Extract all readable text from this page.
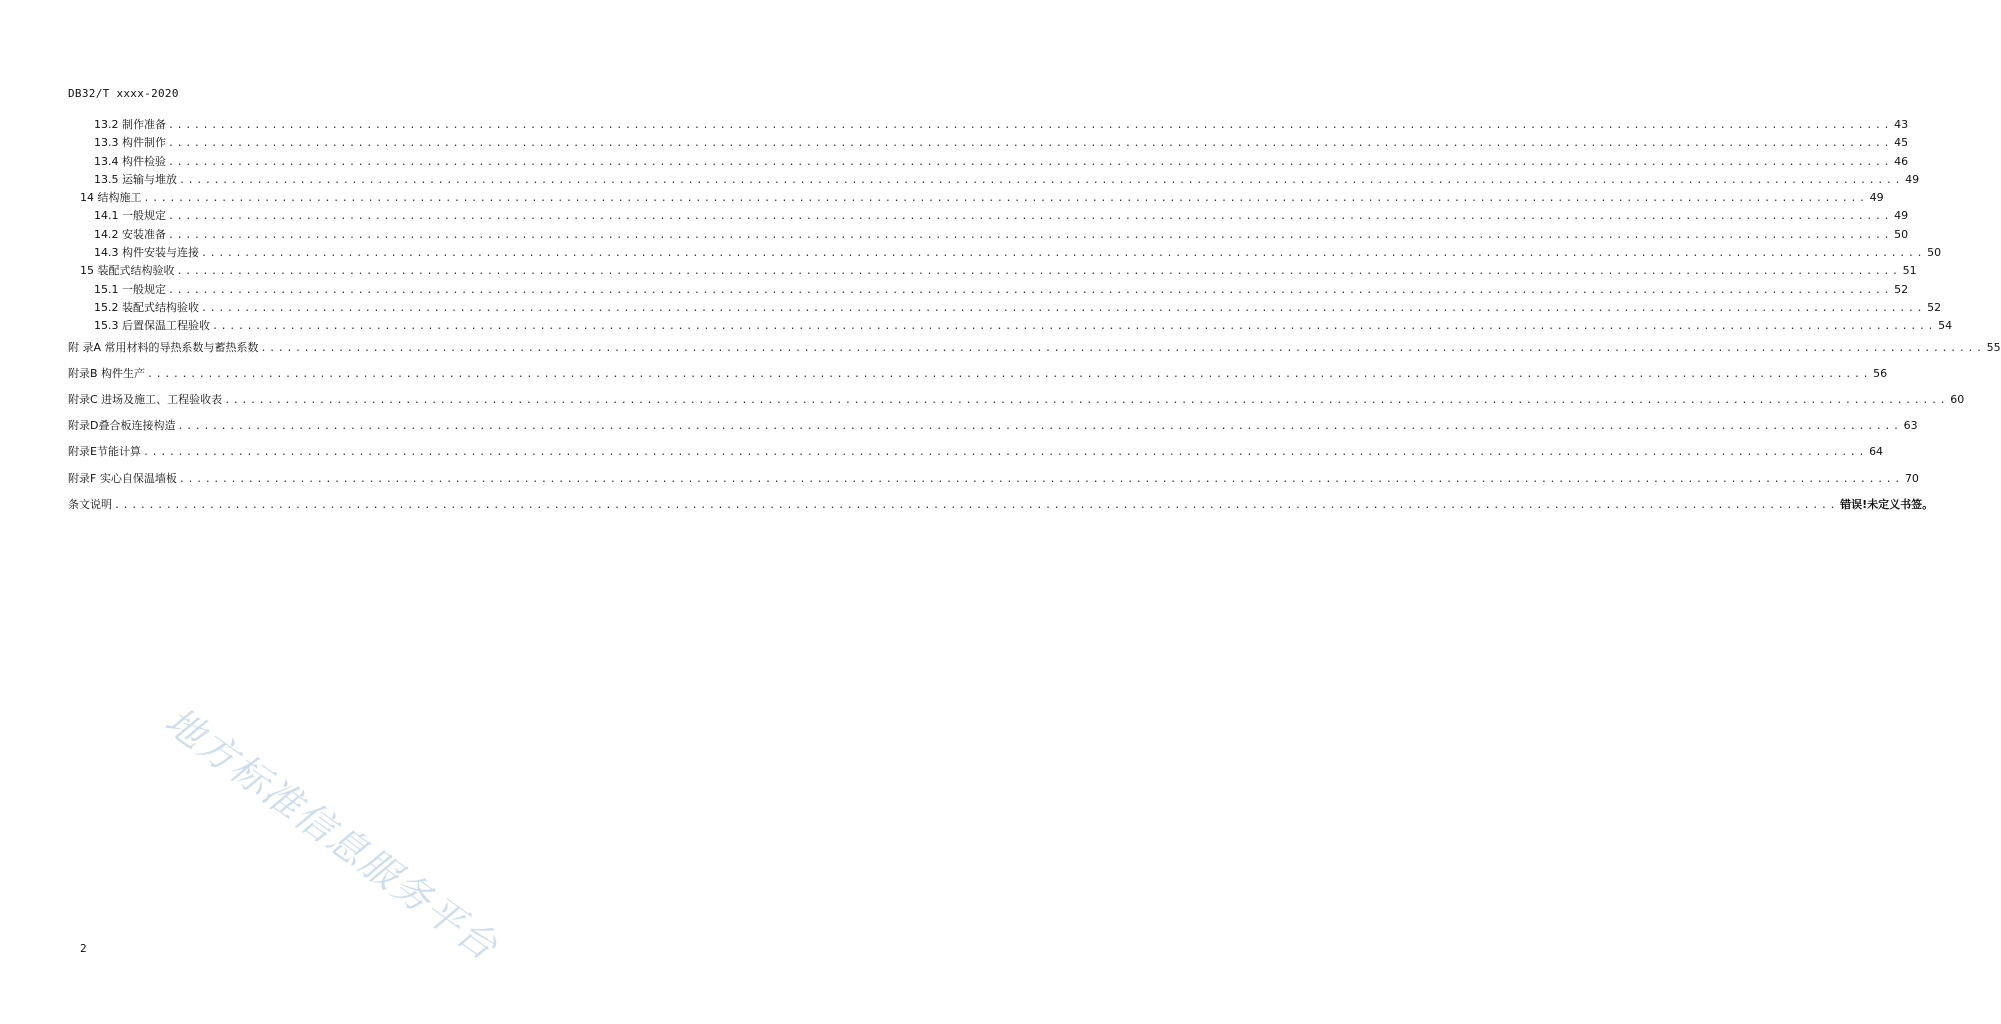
DB32/T xxxx-2020
13.2 制作准备 ........................................................................................................................................................................................................ 43
13.3 构件制作 ........................................................................................................................................................................................................ 45
13.4 构件检验 ........................................................................................................................................................................................................ 46
13.5 运输与堆放 ........................................................................................................................................................................................................ 49
14 结构施工 ........................................................................................................................................................................................................ 49
14.1 一般规定 ........................................................................................................................................................................................................ 49
14.2 安装准备 ........................................................................................................................................................................................................ 50
14.3 构件安装与连接 ........................................................................................................................................................................................................ 50
15 装配式结构验收 ........................................................................................................................................................................................................ 51
15.1 一般规定 ........................................................................................................................................................................................................ 52
15.2 装配式结构验收 ........................................................................................................................................................................................................ 52
15.3 后置保温工程验收 ........................................................................................................................................................................................................ 54
附 录A 常用材料的导热系数与蓄热系数 ........................................................................................................................................................................................................ 55
附录B 构件生产 ........................................................................................................................................................................................................ 56
附录C 进场及施工、工程验收表 ........................................................................................................................................................................................................ 60
附录D叠合板连接构造 ........................................................................................................................................................................................................ 63
附录E节能计算 ........................................................................................................................................................................................................ 64
附录F 实心自保温墙板 ........................................................................................................................................................................................................ 70
条文说明 ........................................................................................................................................................................................................ 错误!未定义书签。
2 地方标准信息服务平台
